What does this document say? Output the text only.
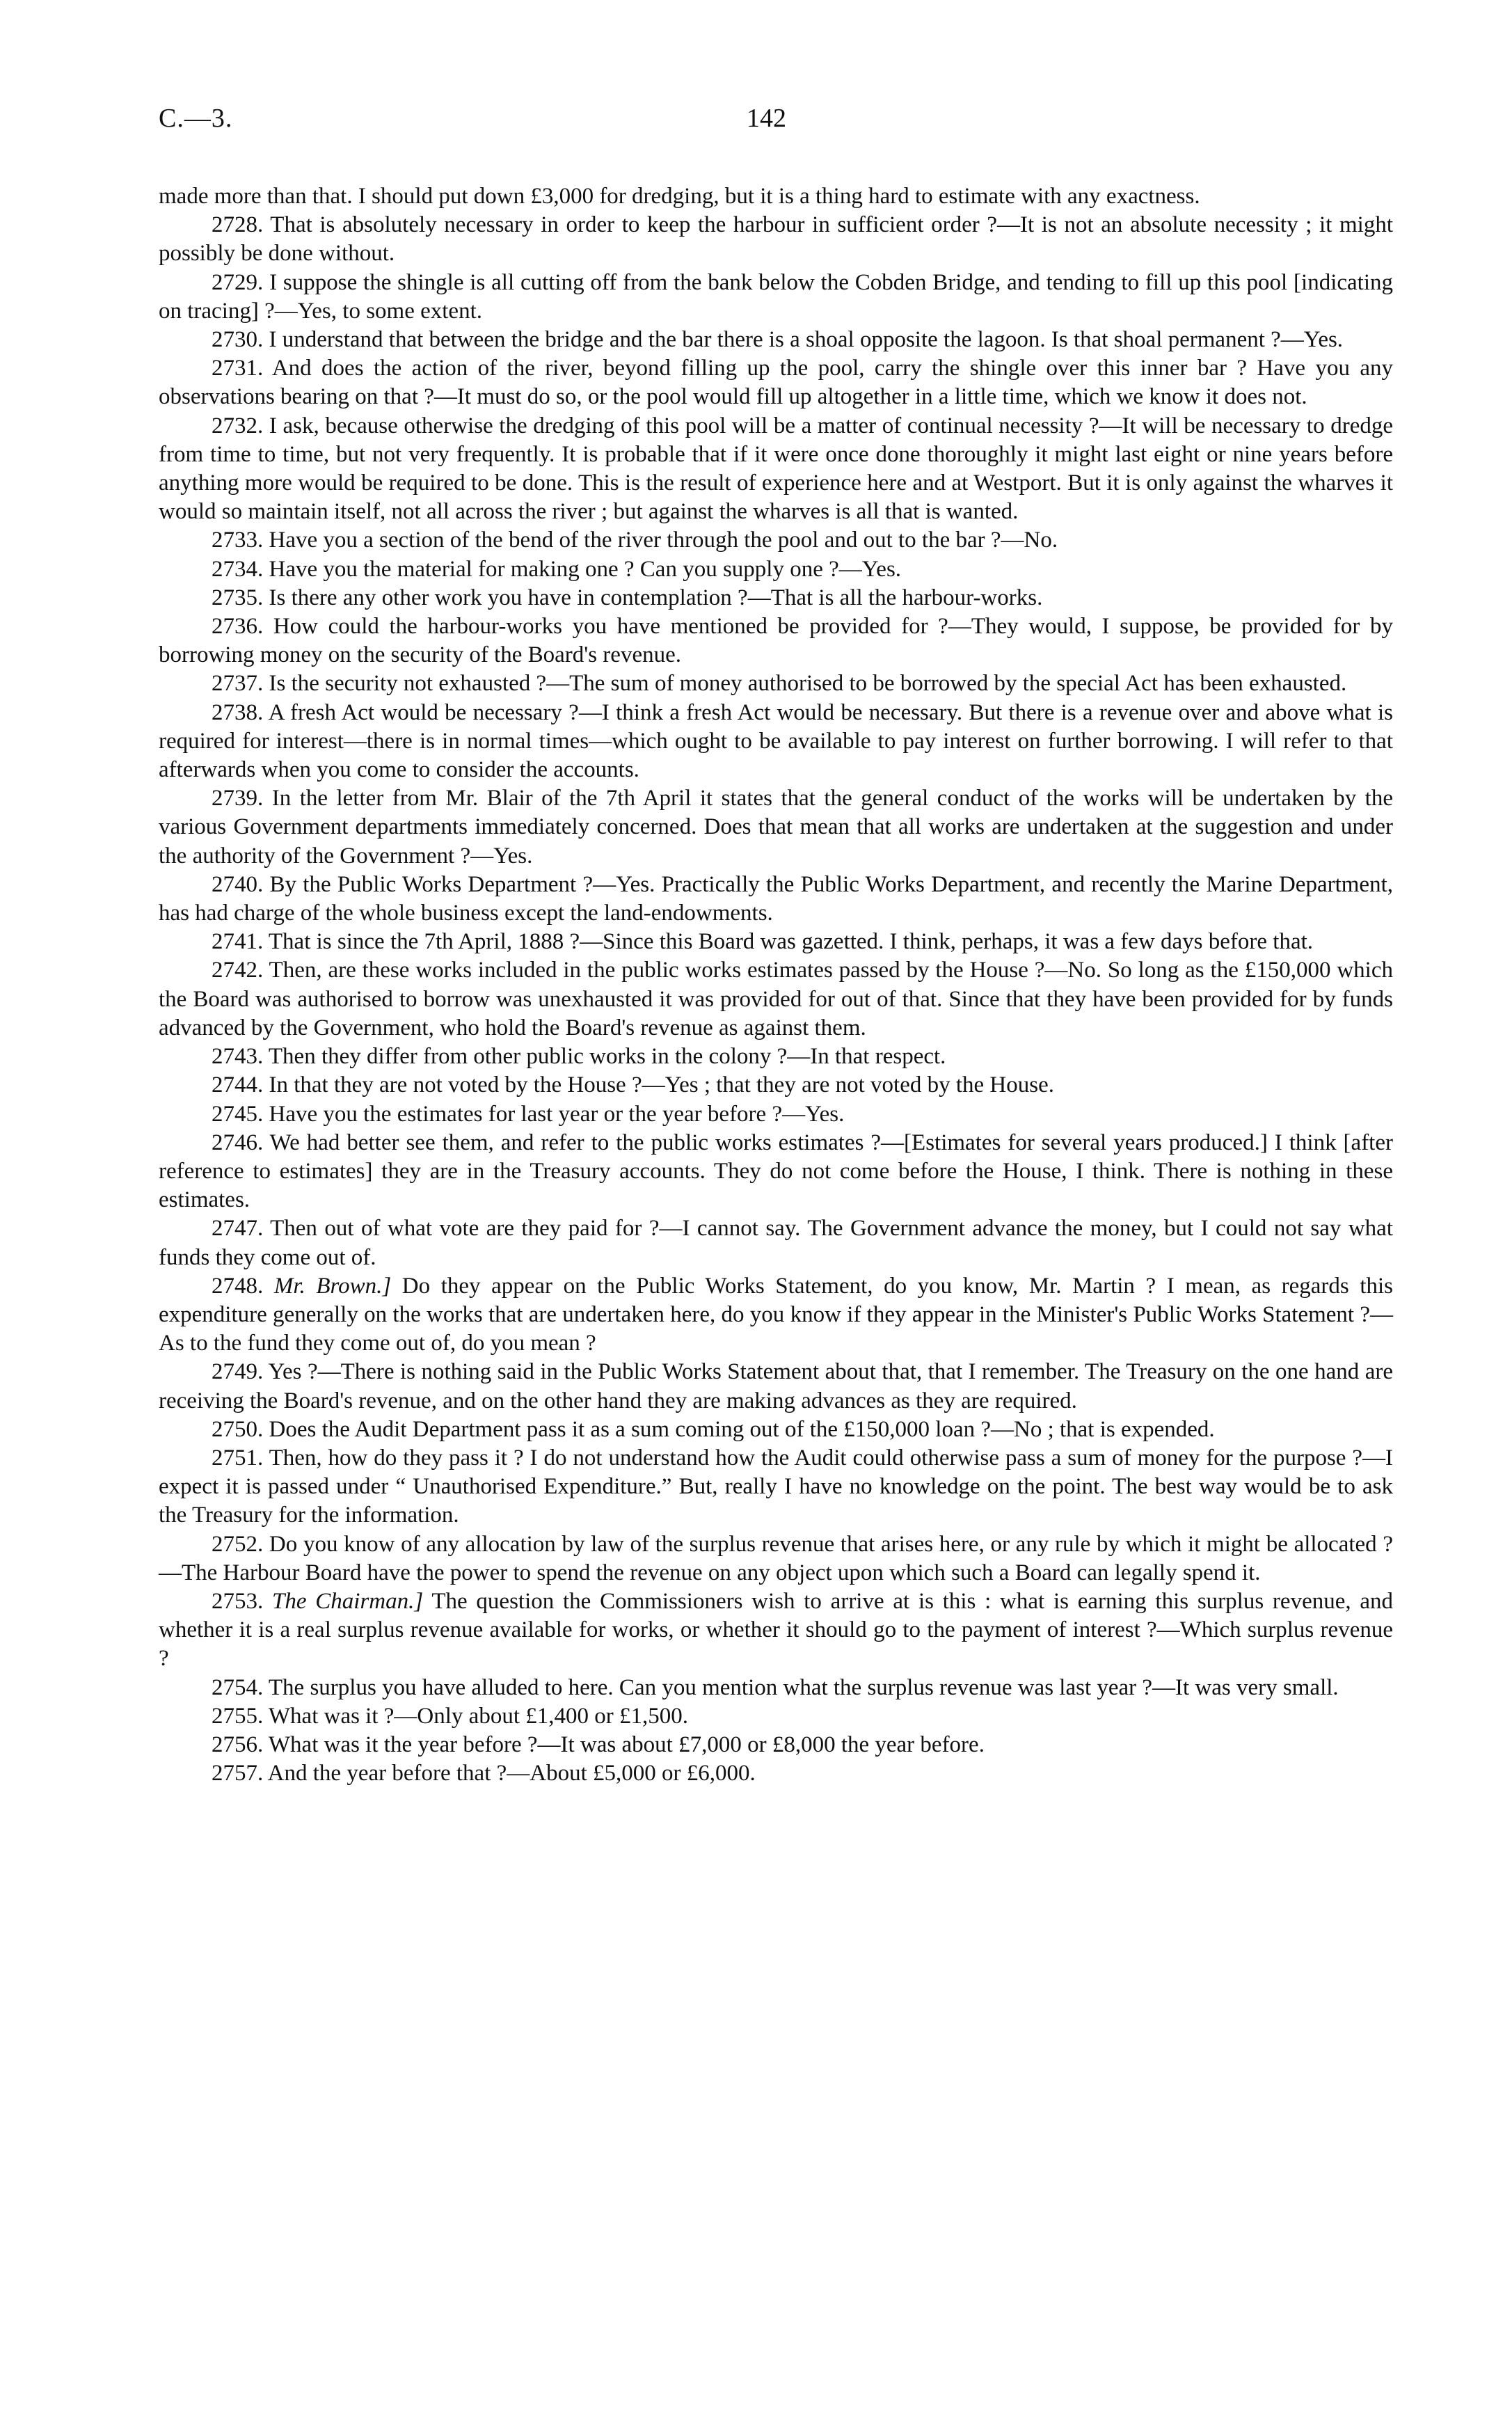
C.—3.	142

made more than that. I should put down £3,000 for dredging, but it is a thing hard to estimate with any exactness.

2728. That is absolutely necessary in order to keep the harbour in sufficient order ?—It is not an absolute necessity ; it might possibly be done without.

2729. I suppose the shingle is all cutting off from the bank below the Cobden Bridge, and tending to fill up this pool [indicating on tracing] ?—Yes, to some extent.

2730. I understand that between the bridge and the bar there is a shoal opposite the lagoon. Is that shoal permanent ?—Yes.

2731. And does the action of the river, beyond filling up the pool, carry the shingle over this inner bar ? Have you any observations bearing on that ?—It must do so, or the pool would fill up altogether in a little time, which we know it does not.

2732. I ask, because otherwise the dredging of this pool will be a matter of continual necessity ?—It will be necessary to dredge from time to time, but not very frequently. It is probable that if it were once done thoroughly it might last eight or nine years before anything more would be required to be done. This is the result of experience here and at Westport. But it is only against the wharves it would so maintain itself, not all across the river ; but against the wharves is all that is wanted.

2733. Have you a section of the bend of the river through the pool and out to the bar ?—No.

2734. Have you the material for making one ? Can you supply one ?—Yes.

2735. Is there any other work you have in contemplation ?—That is all the harbour-works.

2736. How could the harbour-works you have mentioned be provided for ?—They would, I suppose, be provided for by borrowing money on the security of the Board's revenue.

2737. Is the security not exhausted ?—The sum of money authorised to be borrowed by the special Act has been exhausted.

2738. A fresh Act would be necessary ?—I think a fresh Act would be necessary. But there is a revenue over and above what is required for interest—there is in normal times—which ought to be available to pay interest on further borrowing. I will refer to that afterwards when you come to consider the accounts.

2739. In the letter from Mr. Blair of the 7th April it states that the general conduct of the works will be undertaken by the various Government departments immediately concerned. Does that mean that all works are undertaken at the suggestion and under the authority of the Government ?—Yes.

2740. By the Public Works Department ?—Yes. Practically the Public Works Department, and recently the Marine Department, has had charge of the whole business except the land-endowments.

2741. That is since the 7th April, 1888 ?—Since this Board was gazetted. I think, perhaps, it was a few days before that.

2742. Then, are these works included in the public works estimates passed by the House ?—No. So long as the £150,000 which the Board was authorised to borrow was unexhausted it was provided for out of that. Since that they have been provided for by funds advanced by the Government, who hold the Board's revenue as against them.

2743. Then they differ from other public works in the colony ?—In that respect.

2744. In that they are not voted by the House ?—Yes ; that they are not voted by the House.

2745. Have you the estimates for last year or the year before ?—Yes.

2746. We had better see them, and refer to the public works estimates ?—[Estimates for several years produced.] I think [after reference to estimates] they are in the Treasury accounts. They do not come before the House, I think. There is nothing in these estimates.

2747. Then out of what vote are they paid for ?—I cannot say. The Government advance the money, but I could not say what funds they come out of.

2748. Mr. Brown.] Do they appear on the Public Works Statement, do you know, Mr. Martin ? I mean, as regards this expenditure generally on the works that are undertaken here, do you know if they appear in the Minister's Public Works Statement ?—As to the fund they come out of, do you mean ?

2749. Yes ?—There is nothing said in the Public Works Statement about that, that I remember. The Treasury on the one hand are receiving the Board's revenue, and on the other hand they are making advances as they are required.

2750. Does the Audit Department pass it as a sum coming out of the £150,000 loan ?—No ; that is expended.

2751. Then, how do they pass it ? I do not understand how the Audit could otherwise pass a sum of money for the purpose ?—I expect it is passed under “ Unauthorised Expenditure.” But, really I have no knowledge on the point. The best way would be to ask the Treasury for the information.

2752. Do you know of any allocation by law of the surplus revenue that arises here, or any rule by which it might be allocated ?—The Harbour Board have the power to spend the revenue on any object upon which such a Board can legally spend it.

2753. The Chairman.] The question the Commissioners wish to arrive at is this : what is earning this surplus revenue, and whether it is a real surplus revenue available for works, or whether it should go to the payment of interest ?—Which surplus revenue ?

2754. The surplus you have alluded to here. Can you mention what the surplus revenue was last year ?—It was very small.

2755. What was it ?—Only about £1,400 or £1,500.

2756. What was it the year before ?—It was about £7,000 or £8,000 the year before.

2757. And the year before that ?—About £5,000 or £6,000.
